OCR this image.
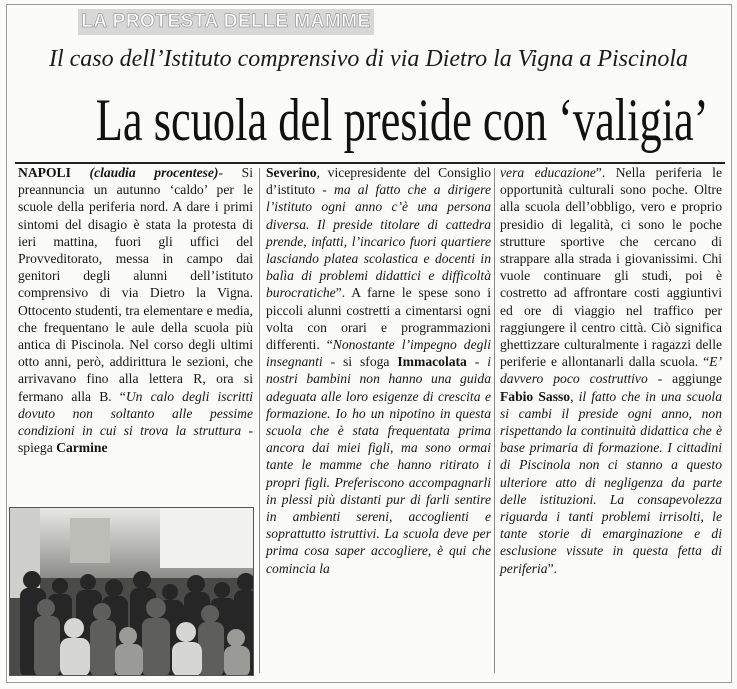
LA PROTESTA DELLE MAMME
Il caso dell’Istituto comprensivo di via Dietro la Vigna a Piscinola
La scuola del preside con ‘valigia’

NAPOLI (claudia procentese)- Si preannuncia un autunno ‘caldo’ per le scuole della periferia nord. A dare i primi sintomi del disagio è stata la protesta di ieri mattina, fuori gli uffici del Provveditorato, messa in campo dai genitori degli alunni dell’istituto comprensivo di via Dietro la Vigna. Ottocento studenti, tra elementare e media, che frequentano le aule della scuola più antica di Piscinola. Nel corso degli ultimi otto anni, però, addirittura le sezioni, che arrivavano fino alla lettera R, ora si fermano alla B. “Un calo degli iscritti dovuto non soltanto alle pessime condizioni in cui si trova la struttura - spiega Carmine

Severino, vicepresidente del Consiglio d’istituto - ma al fatto che a dirigere l’istituto ogni anno c’è una persona diversa. Il preside titolare di cattedra prende, infatti, l’incarico fuori quartiere lasciando platea scolastica e docenti in balìa di problemi didattici e difficoltà burocratiche”. A farne le spese sono i piccoli alunni costretti a cimentarsi ogni volta con orari e programmazioni differenti. “Nonostante l’impegno degli insegnanti - si sfoga Immacolata - i nostri bambini non hanno una guida adeguata alle loro esigenze di crescita e formazione. Io ho un nipotino in questa scuola che è stata frequentata prima ancora dai miei figli, ma sono ormai tante le mamme che hanno ritirato i propri figli. Preferiscono accompagnarli in plessi più distanti pur di farli sentire in ambienti sereni, accoglienti e soprattutto istruttivi. La scuola deve per prima cosa saper accogliere, è qui che comincia la

vera educazione”. Nella periferia le opportunità culturali sono poche. Oltre alla scuola dell’obbligo, vero e proprio presidio di legalità, ci sono le poche strutture sportive che cercano di strappare alla strada i giovanissimi. Chi vuole continuare gli studi, poi è costretto ad affrontare costi aggiuntivi ed ore di viaggio nel traffico per raggiungere il centro città. Ciò significa ghettizzare culturalmente i ragazzi delle periferie e allontanarli dalla scuola. “E’ davvero poco costruttivo - aggiunge Fabio Sasso, il fatto che in una scuola si cambi il preside ogni anno, non rispettando la continuità didattica che è base primaria di formazione. I cittadini di Piscinola non ci stanno a questo ulteriore atto di negligenza da parte delle istituzioni. La consapevolezza riguarda i tanti problemi irrisolti, le tante storie di emarginazione e di esclusione vissute in questa fetta di periferia”.
